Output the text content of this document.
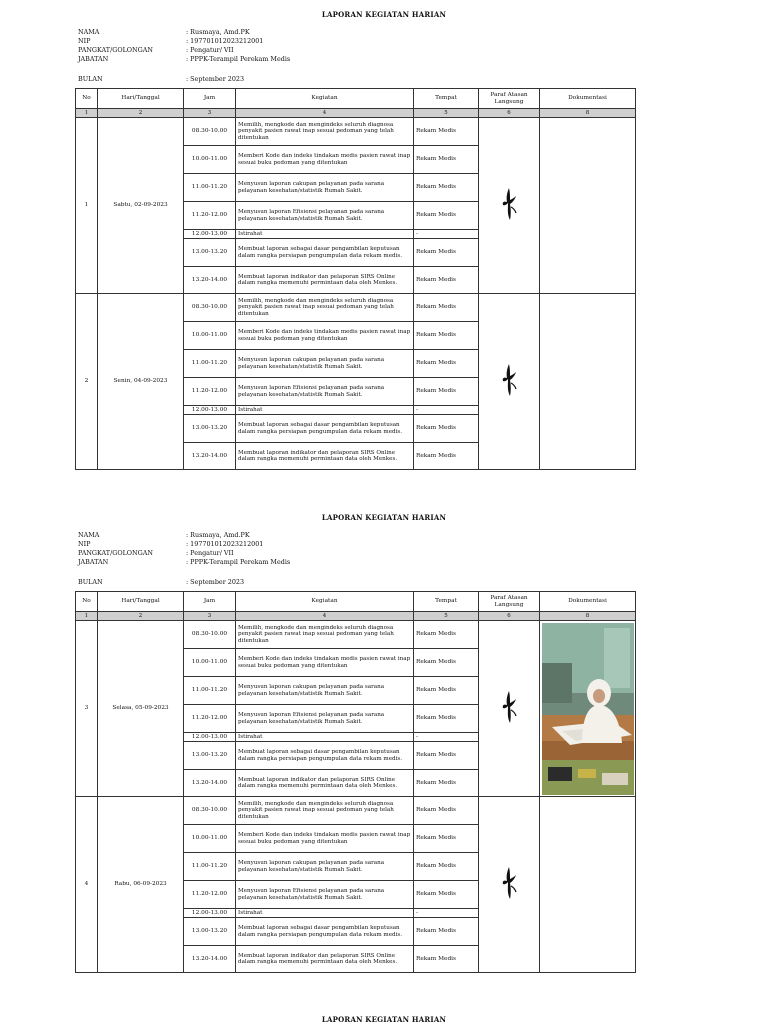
LAPORAN KEGIATAN HARIAN
NAMA	: Rusmaya, Amd.PK
NIP	: 197701012023212001
PANGKAT/GOLONGAN	: Pengatur/ VII
JABATAN	: PPPK-Terampil Perekam Medis
BULAN	: September 2023
No	Hari/Tanggal	Jam	Kegiatan	Tempat	Paraf Atasan Langsung	Dokumentasi
1	2	3	4	5	6	8
1	Sabtu, 02-09-2023	08.30-10.00	Memilih, mengkode dan mengindeks seluruh diagnosa penyakit pasien rawat inap sesuai pedoman yang telah ditentukan	Rekam Medis		
		10.00-11.00	Memberi Kode dan indeks tindakan medis pasien rawat inap sesuai buku pedoman yang ditentukan	Rekam Medis		
		11.00-11.20	Menyusun laporan cakupan pelayanan pada sarana pelayanan kesehatan/statistik Rumah Sakit.	Rekam Medis		
		11.20-12.00	Menyusun laporan Efisiensi pelayanan pada sarana pelayanan kesehatan/statistik Rumah Sakit.	Rekam Medis		
		12.00-13.00	Istirahat	-		
		13.00-13.20	Membuat laporan sebagai dasar pengambilan keputusan dalam rangka persiapan pengumpulan data rekam medis.	Rekam Medis		
		13.20-14.00	Membuat laporan indikator dan pelaporan SIRS Online dalam rangka memenuhi permintaan data oleh Menkes.	Rekam Medis		
2	Senin, 04-09-2023	08.30-10.00	Memilih, mengkode dan mengindeks seluruh diagnosa penyakit pasien rawat inap sesuai pedoman yang telah ditentukan	Rekam Medis		
		10.00-11.00	Memberi Kode dan indeks tindakan medis pasien rawat inap sesuai buku pedoman yang ditentukan	Rekam Medis		
		11.00-11.20	Menyusun laporan cakupan pelayanan pada sarana pelayanan kesehatan/statistik Rumah Sakit.	Rekam Medis		
		11.20-12.00	Menyusun laporan Efisiensi pelayanan pada sarana pelayanan kesehatan/statistik Rumah Sakit.	Rekam Medis		
		12.00-13.00	Istirahat	-		
		13.00-13.20	Membuat laporan sebagai dasar pengambilan keputusan dalam rangka persiapan pengumpulan data rekam medis.	Rekam Medis		
		13.20-14.00	Membuat laporan indikator dan pelaporan SIRS Online dalam rangka memenuhi permintaan data oleh Menkes.	Rekam Medis		
LAPORAN KEGIATAN HARIAN
NAMA	: Rusmaya, Amd.PK
NIP	: 197701012023212001
PANGKAT/GOLONGAN	: Pengatur/ VII
JABATAN	: PPPK-Terampil Perekam Medis
BULAN	: September 2023
No	Hari/Tanggal	Jam	Kegiatan	Tempat	Paraf Atasan Langsung	Dokumentasi
1	2	3	4	5	6	8
3	Selasa, 05-09-2023	08.30-10.00	Memilih, mengkode dan mengindeks seluruh diagnosa penyakit pasien rawat inap sesuai pedoman yang telah ditentukan	Rekam Medis		

		10.00-11.00	Memberi Kode dan indeks tindakan medis pasien rawat inap sesuai buku pedoman yang ditentukan	Rekam Medis		
		11.00-11.20	Menyusun laporan cakupan pelayanan pada sarana pelayanan kesehatan/statistik Rumah Sakit.	Rekam Medis		
		11.20-12.00	Menyusun laporan Efisiensi pelayanan pada sarana pelayanan kesehatan/statistik Rumah Sakit.	Rekam Medis		
		12.00-13.00	Istirahat	-		
		13.00-13.20	Membuat laporan sebagai dasar pengambilan keputusan dalam rangka persiapan pengumpulan data rekam medis.	Rekam Medis		
		13.20-14.00	Membuat laporan indikator dan pelaporan SIRS Online dalam rangka memenuhi permintaan data oleh Menkes.	Rekam Medis		
4	Rabu, 06-09-2023	08.30-10.00	Memilih, mengkode dan mengindeks seluruh diagnosa penyakit pasien rawat inap sesuai pedoman yang telah ditentukan	Rekam Medis		
		10.00-11.00	Memberi Kode dan indeks tindakan medis pasien rawat inap sesuai buku pedoman yang ditentukan	Rekam Medis		
		11.00-11.20	Menyusun laporan cakupan pelayanan pada sarana pelayanan kesehatan/statistik Rumah Sakit.	Rekam Medis		
		11.20-12.00	Menyusun laporan Efisiensi pelayanan pada sarana pelayanan kesehatan/statistik Rumah Sakit.	Rekam Medis		
		12.00-13.00	Istirahat	-		
		13.00-13.20	Membuat laporan sebagai dasar pengambilan keputusan dalam rangka persiapan pengumpulan data rekam medis.	Rekam Medis		
		13.20-14.00	Membuat laporan indikator dan pelaporan SIRS Online dalam rangka memenuhi permintaan data oleh Menkes.	Rekam Medis		
LAPORAN KEGIATAN HARIAN
